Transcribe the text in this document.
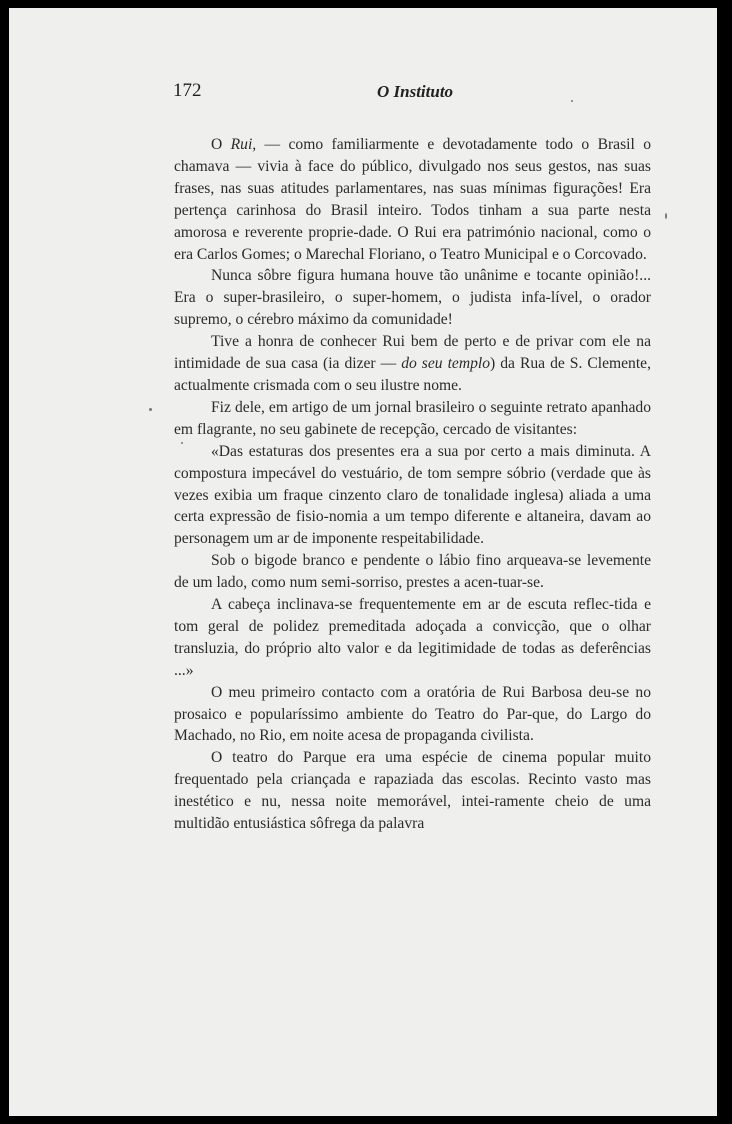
172	O Instituto

O Rui, — como familiarmente e devotadamente todo o Brasil o chamava — vivia à face do público, divulgado nos seus gestos, nas suas frases, nas suas atitudes parlamentares, nas suas mínimas figurações! Era pertença carinhosa do Brasil inteiro. Todos tinham a sua parte nesta amorosa e reverente proprie-dade. O Rui era património nacional, como o era Carlos Gomes; o Marechal Floriano, o Teatro Municipal e o Corcovado.

Nunca sôbre figura humana houve tão unânime e tocante opinião!... Era o super-brasileiro, o super-homem, o judista infa-lível, o orador supremo, o cérebro máximo da comunidade!

Tive a honra de conhecer Rui bem de perto e de privar com ele na intimidade de sua casa (ia dizer — do seu templo) da Rua de S. Clemente, actualmente crismada com o seu ilustre nome.

Fiz dele, em artigo de um jornal brasileiro o seguinte retrato apanhado em flagrante, no seu gabinete de recepção, cercado de visitantes:

«Das estaturas dos presentes era a sua por certo a mais diminuta. A compostura impecável do vestuário, de tom sempre sóbrio (verdade que às vezes exibia um fraque cinzento claro de tonalidade inglesa) aliada a uma certa expressão de fisio-nomia a um tempo diferente e altaneira, davam ao personagem um ar de imponente respeitabilidade.

Sob o bigode branco e pendente o lábio fino arqueava-se levemente de um lado, como num semi-sorriso, prestes a acen-tuar-se.

A cabeça inclinava-se frequentemente em ar de escuta reflec-tida e tom geral de polidez premeditada adoçada a convicção, que o olhar transluzia, do próprio alto valor e da legitimidade de todas as deferências ...»

O meu primeiro contacto com a oratória de Rui Barbosa deu-se no prosaico e popularíssimo ambiente do Teatro do Par-que, do Largo do Machado, no Rio, em noite acesa de propaganda civilista.

O teatro do Parque era uma espécie de cinema popular muito frequentado pela criançada e rapaziada das escolas. Recinto vasto mas inestético e nu, nessa noite memorável, intei-ramente cheio de uma multidão entusiástica sôfrega da palavra
